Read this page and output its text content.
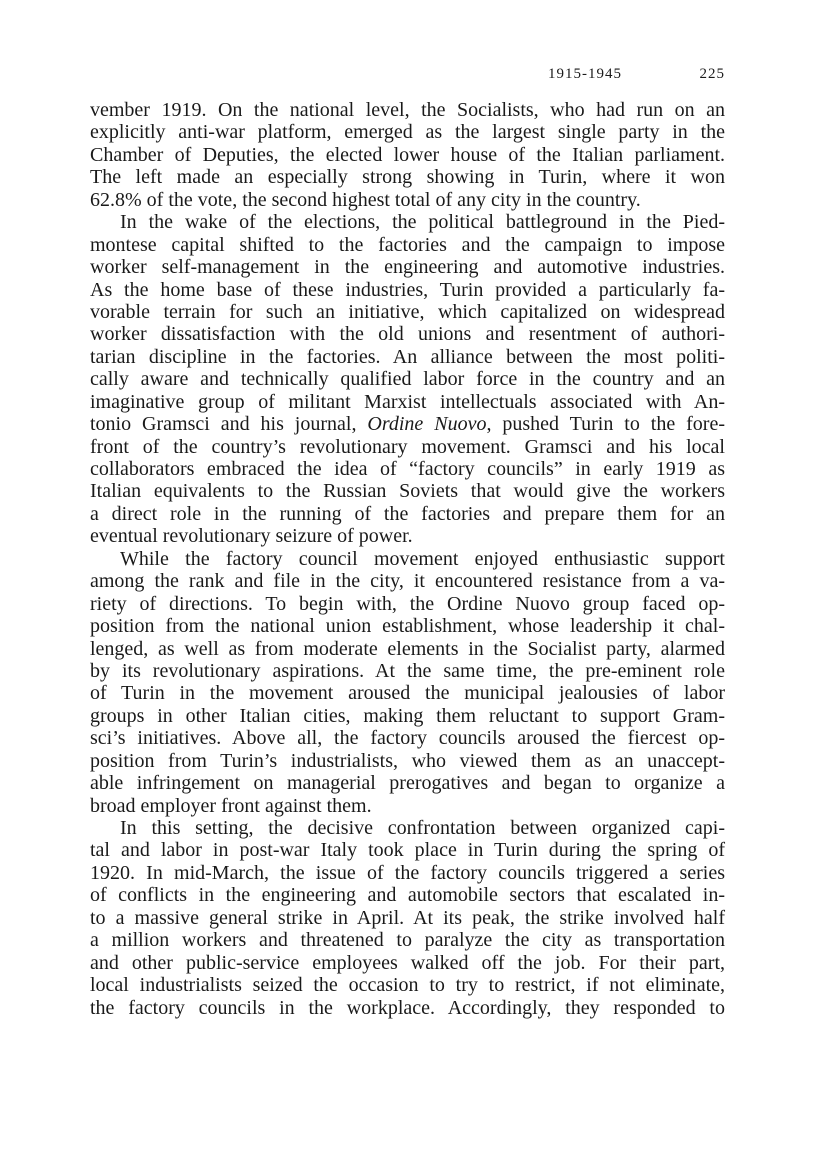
1915-1945	225
vember 1919. On the national level, the Socialists, who had run on an
explicitly anti-war platform, emerged as the largest single party in the
Chamber of Deputies, the elected lower house of the Italian parliament.
The left made an especially strong showing in Turin, where it won
62.8% of the vote, the second highest total of any city in the country.
In the wake of the elections, the political battleground in the Pied-
montese capital shifted to the factories and the campaign to impose
worker self-management in the engineering and automotive industries.
As the home base of these industries, Turin provided a particularly fa-
vorable terrain for such an initiative, which capitalized on widespread
worker dissatisfaction with the old unions and resentment of authori-
tarian discipline in the factories. An alliance between the most politi-
cally aware and technically qualified labor force in the country and an
imaginative group of militant Marxist intellectuals associated with An-
tonio Gramsci and his journal, Ordine Nuovo, pushed Turin to the fore-
front of the country’s revolutionary movement. Gramsci and his local
collaborators embraced the idea of “factory councils” in early 1919 as
Italian equivalents to the Russian Soviets that would give the workers
a direct role in the running of the factories and prepare them for an
eventual revolutionary seizure of power.
While the factory council movement enjoyed enthusiastic support
among the rank and file in the city, it encountered resistance from a va-
riety of directions. To begin with, the Ordine Nuovo group faced op-
position from the national union establishment, whose leadership it chal-
lenged, as well as from moderate elements in the Socialist party, alarmed
by its revolutionary aspirations. At the same time, the pre-eminent role
of Turin in the movement aroused the municipal jealousies of labor
groups in other Italian cities, making them reluctant to support Gram-
sci’s initiatives. Above all, the factory councils aroused the fiercest op-
position from Turin’s industrialists, who viewed them as an unaccept-
able infringement on managerial prerogatives and began to organize a
broad employer front against them.
In this setting, the decisive confrontation between organized capi-
tal and labor in post-war Italy took place in Turin during the spring of
1920. In mid-March, the issue of the factory councils triggered a series
of conflicts in the engineering and automobile sectors that escalated in-
to a massive general strike in April. At its peak, the strike involved half
a million workers and threatened to paralyze the city as transportation
and other public-service employees walked off the job. For their part,
local industrialists seized the occasion to try to restrict, if not eliminate,
the factory councils in the workplace. Accordingly, they responded to
